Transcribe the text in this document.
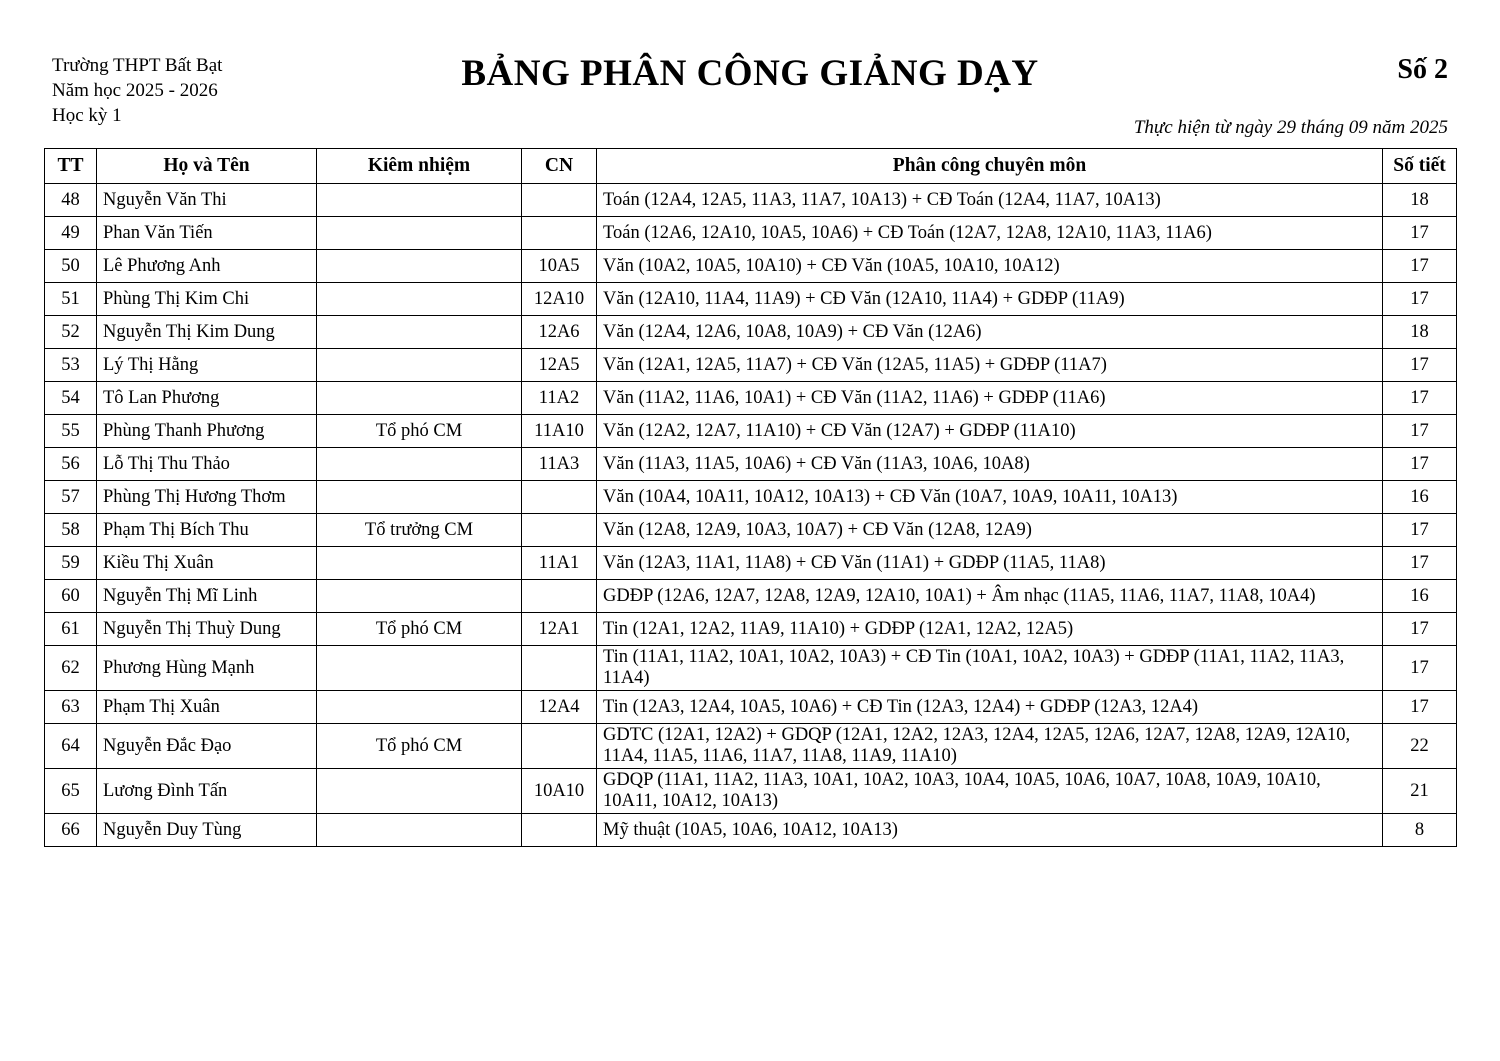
Trường THPT Bất Bạt
Năm học 2025 - 2026
Học kỳ 1
BẢNG PHÂN CÔNG GIẢNG DẠY	Số 2
Thực hiện từ ngày 29 tháng 09 năm 2025
TT	Họ và Tên	Kiêm nhiệm	CN	Phân công chuyên môn	Số tiết
48	Nguyễn Văn Thi			Toán (12A4, 12A5, 11A3, 11A7, 10A13) + CĐ Toán (12A4, 11A7, 10A13)	18
49	Phan Văn Tiến			Toán (12A6, 12A10, 10A5, 10A6) + CĐ Toán (12A7, 12A8, 12A10, 11A3, 11A6)	17
50	Lê Phương Anh		10A5	Văn (10A2, 10A5, 10A10) + CĐ Văn (10A5, 10A10, 10A12)	17
51	Phùng Thị Kim Chi		12A10	Văn (12A10, 11A4, 11A9) + CĐ Văn (12A10, 11A4) + GDĐP (11A9)	17
52	Nguyễn Thị Kim Dung		12A6	Văn (12A4, 12A6, 10A8, 10A9) + CĐ Văn (12A6)	18
53	Lý Thị Hằng		12A5	Văn (12A1, 12A5, 11A7) + CĐ Văn (12A5, 11A5) + GDĐP (11A7)	17
54	Tô Lan Phương		11A2	Văn (11A2, 11A6, 10A1) + CĐ Văn (11A2, 11A6) + GDĐP (11A6)	17
55	Phùng Thanh Phương	Tổ phó CM	11A10	Văn (12A2, 12A7, 11A10) + CĐ Văn (12A7) + GDĐP (11A10)	17
56	Lỗ Thị Thu Thảo		11A3	Văn (11A3, 11A5, 10A6) + CĐ Văn (11A3, 10A6, 10A8)	17
57	Phùng Thị Hương Thơm			Văn (10A4, 10A11, 10A12, 10A13) + CĐ Văn (10A7, 10A9, 10A11, 10A13)	16
58	Phạm Thị Bích Thu	Tổ trưởng CM		Văn (12A8, 12A9, 10A3, 10A7) + CĐ Văn (12A8, 12A9)	17
59	Kiều Thị Xuân		11A1	Văn (12A3, 11A1, 11A8) + CĐ Văn (11A1) + GDĐP (11A5, 11A8)	17
60	Nguyễn Thị Mĩ Linh			GDĐP (12A6, 12A7, 12A8, 12A9, 12A10, 10A1) + Âm nhạc (11A5, 11A6, 11A7, 11A8, 10A4)	16
61	Nguyễn Thị Thuỳ Dung	Tổ phó CM	12A1	Tin (12A1, 12A2, 11A9, 11A10) + GDĐP (12A1, 12A2, 12A5)	17
62	Phương Hùng Mạnh			Tin (11A1, 11A2, 10A1, 10A2, 10A3) + CĐ Tin (10A1, 10A2, 10A3) + GDĐP (11A1, 11A2, 11A3, 11A4)	17
63	Phạm Thị Xuân		12A4	Tin (12A3, 12A4, 10A5, 10A6) + CĐ Tin (12A3, 12A4) + GDĐP (12A3, 12A4)	17
64	Nguyễn Đắc Đạo	Tổ phó CM		GDTC (12A1, 12A2) + GDQP (12A1, 12A2, 12A3, 12A4, 12A5, 12A6, 12A7, 12A8, 12A9, 12A10, 11A4, 11A5, 11A6, 11A7, 11A8, 11A9, 11A10)	22
65	Lương Đình Tấn		10A10	GDQP (11A1, 11A2, 11A3, 10A1, 10A2, 10A3, 10A4, 10A5, 10A6, 10A7, 10A8, 10A9, 10A10, 10A11, 10A12, 10A13)	21
66	Nguyễn Duy Tùng			Mỹ thuật (10A5, 10A6, 10A12, 10A13)	8
